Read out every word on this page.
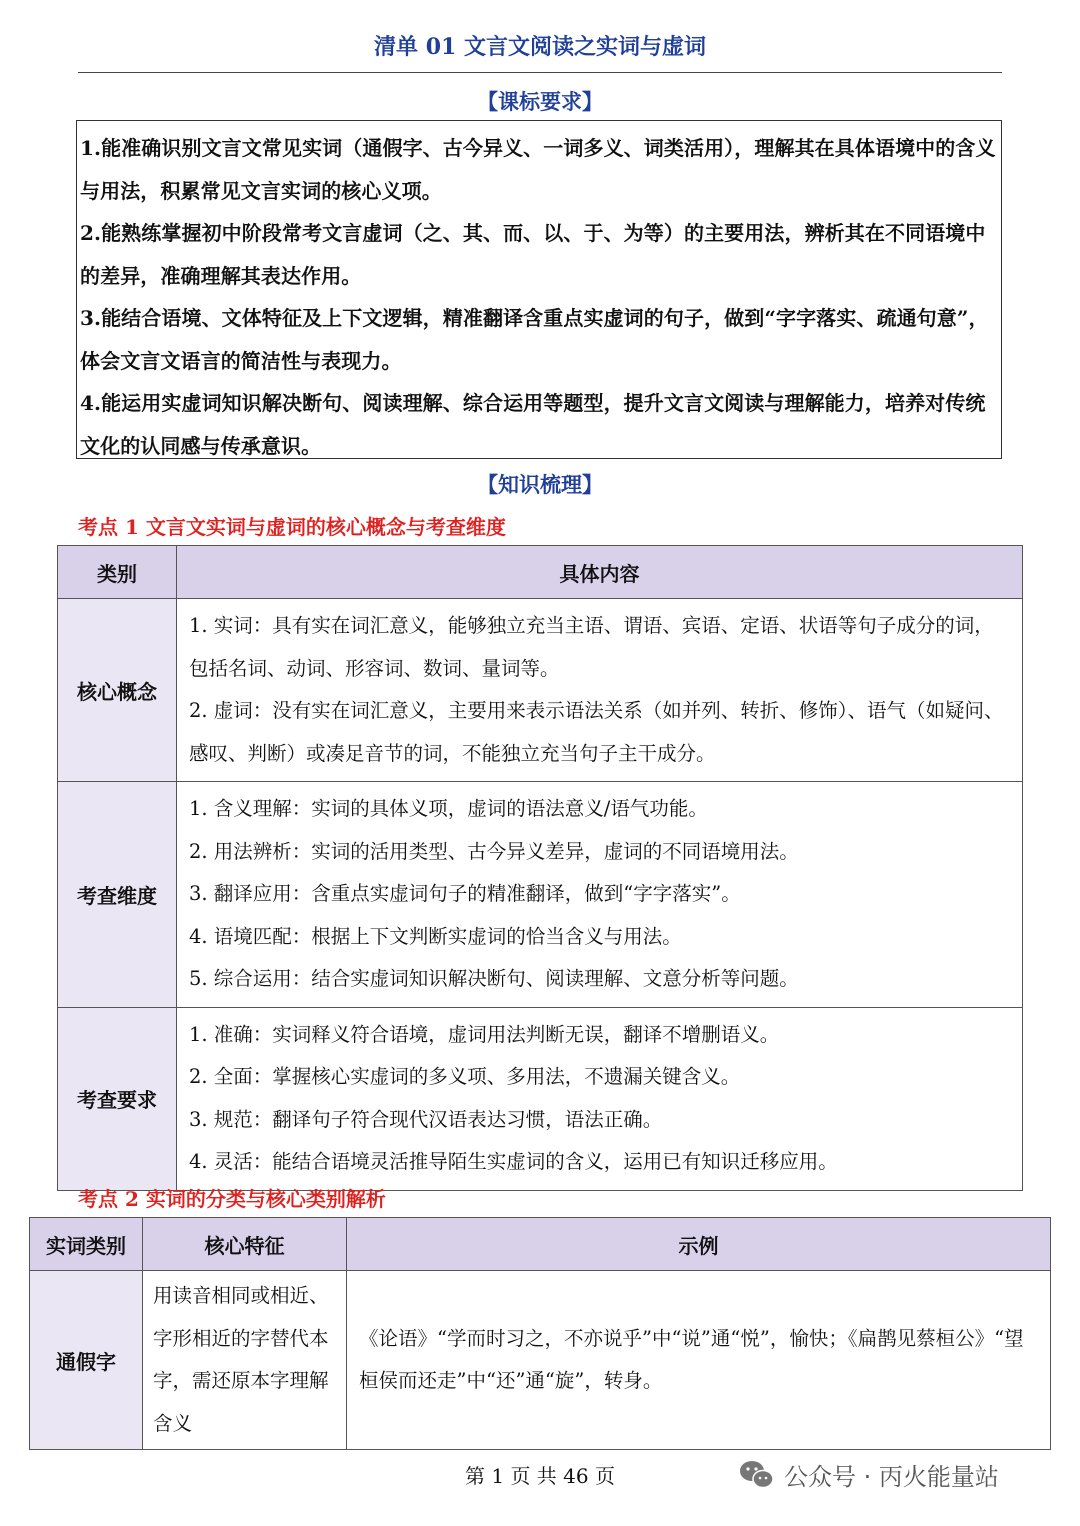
清单 01 文言文阅读之实词与虚词
【课标要求】

1.能准确识别文言文常见实词（通假字、古今异义、一词多义、词类活用），理解其在具体语境中的含义与用法，积累常见文言实词的核心义项。

2.能熟练掌握初中阶段常考文言虚词（之、其、而、以、于、为等）的主要用法，辨析其在不同语境中的差异，准确理解其表达作用。

3.能结合语境、文体特征及上下文逻辑，精准翻译含重点实虚词的句子，做到“字字落实、疏通句意”，体会文言文语言的简洁性与表现力。

4.能运用实虚词知识解决断句、阅读理解、综合运用等题型，提升文言文阅读与理解能力，培养对传统文化的认同感与传承意识。

【知识梳理】
考点 1 文言文实词与虚词的核心概念与考查维度
类别	具体内容
核心概念	1. 实词：具有实在词汇意义，能够独立充当主语、谓语、宾语、定语、状语等句子成分的词，包括名词、动词、形容词、数词、量词等。

2. 虚词：没有实在词汇意义，主要用来表示语法关系（如并列、转折、修饰）、语气（如疑问、感叹、判断）或凑足音节的词，不能独立充当句子主干成分。

考查维度	1. 含义理解：实词的具体义项，虚词的语法意义/语气功能。

2. 用法辨析：实词的活用类型、古今异义差异，虚词的不同语境用法。

3. 翻译应用：含重点实虚词句子的精准翻译，做到“字字落实”。

4. 语境匹配：根据上下文判断实虚词的恰当含义与用法。

5. 综合运用：结合实虚词知识解决断句、阅读理解、文意分析等问题。

考查要求	1. 准确：实词释义符合语境，虚词用法判断无误，翻译不增删语义。

2. 全面：掌握核心实虚词的多义项、多用法，不遗漏关键含义。

3. 规范：翻译句子符合现代汉语表达习惯，语法正确。

4. 灵活：能结合语境灵活推导陌生实虚词的含义，运用已有知识迁移应用。

考点 2 实词的分类与核心类别解析
实词类别	核心特征	示例
通假字	用读音相同或相近、字形相近的字替代本字，需还原本字理解含义	《论语》“学而时习之，不亦说乎”中“说”通“悦”，愉快；《扁鹊见蔡桓公》“望桓侯而还走”中“还”通“旋”，转身。
第 1 页 共 46 页	公众号 · 丙火能量站
